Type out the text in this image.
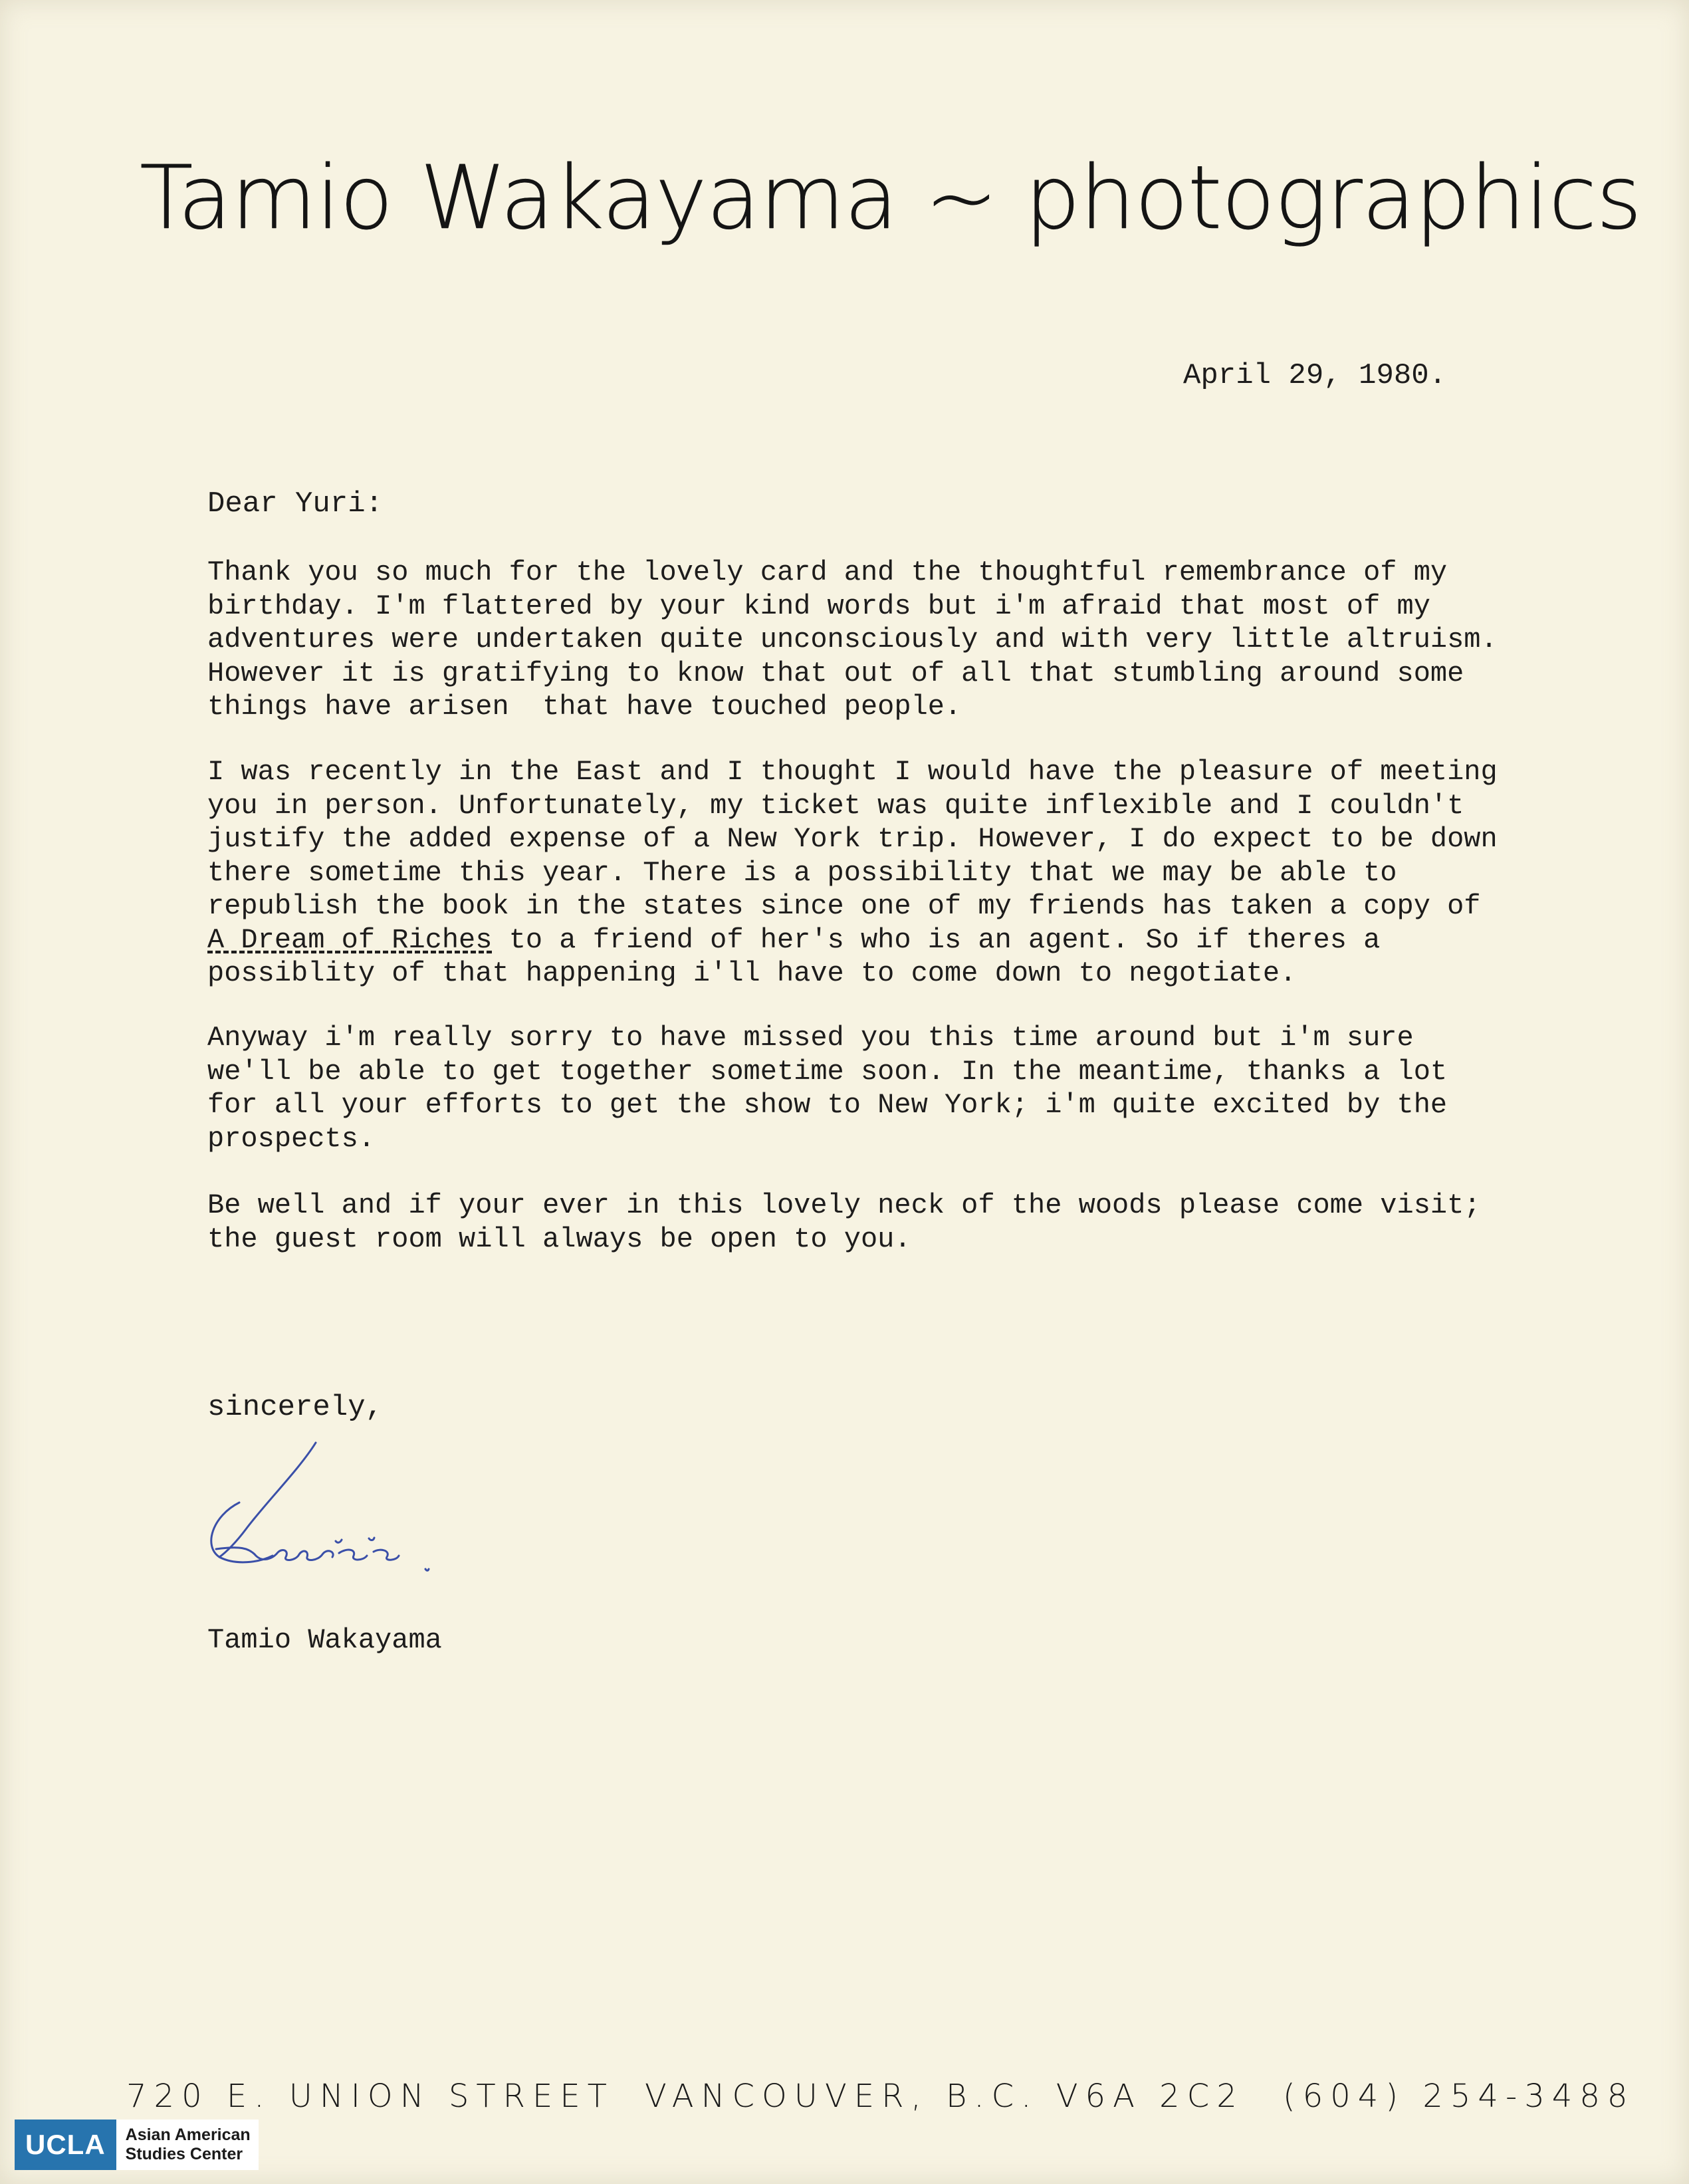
Tamio Wakayama ~ photographics
April 29, 1980.
Dear Yuri:

Thank you so much for the lovely card and the thoughtful remembrance of my
birthday. I'm flattered by your kind words but i'm afraid that most of my
adventures were undertaken quite unconsciously and with very little altruism.
However it is gratifying to know that out of all that stumbling around some
things have arisen  that have touched people.

I was recently in the East and I thought I would have the pleasure of meeting
you in person. Unfortunately, my ticket was quite inflexible and I couldn't
justify the added expense of a New York trip. However, I do expect to be down
there sometime this year. There is a possibility that we may be able to
republish the book in the states since one of my friends has taken a copy of
A Dream of Riches to a friend of her's who is an agent. So if theres a
possiblity of that happening i'll have to come down to negotiate.

Anyway i'm really sorry to have missed you this time around but i'm sure
we'll be able to get together sometime soon. In the meantime, thanks a lot
for all your efforts to get the show to New York; i'm quite excited by the
prospects.

Be well and if your ever in this lovely neck of the woods please come visit;
the guest room will always be open to you.

sincerely,
Tamio Wakayama
720 E. UNION STREET VANCOUVER, B.C. V6A 2C2 (604) 254-3488
UCLA	Asian American
Studies Center
